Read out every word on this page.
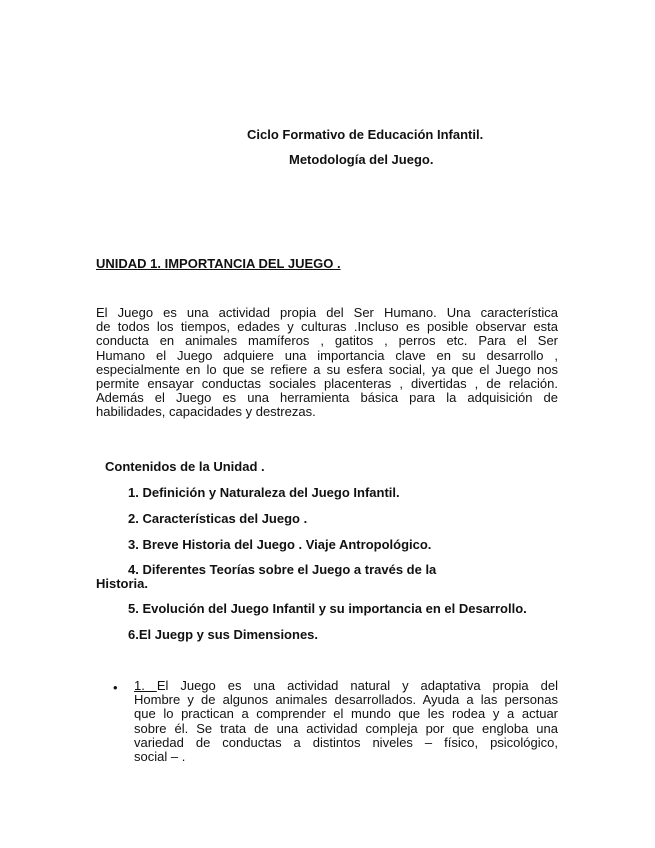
Ciclo Formativo de Educación Infantil.
Metodología del Juego.
UNIDAD 1. IMPORTANCIA DEL JUEGO .
El Juego es una actividad propia del Ser Humano. Una característica
de todos los tiempos, edades y culturas .Incluso es posible observar esta
conducta en animales mamíferos , gatitos , perros etc. Para el Ser
Humano el Juego adquiere una importancia clave en su desarrollo ,
especialmente en lo que se refiere a su esfera social, ya que el Juego nos
permite ensayar conductas sociales placenteras , divertidas , de relación.
Además el Juego es una herramienta básica para la adquisición de
habilidades, capacidades y destrezas.
Contenidos de la Unidad .
1. Definición y Naturaleza del Juego Infantil.
2. Características del Juego .
3. Breve Historia del Juego . Viaje Antropológico.
4. Diferentes Teorías sobre el Juego a través de la
Historia.
5. Evolución del Juego Infantil y su importancia en el Desarrollo.
6.El Juegp y sus Dimensiones.
• 1. El Juego es una actividad natural y adaptativa propia del
Hombre y de algunos animales desarrollados. Ayuda a las personas
que lo practican a comprender el mundo que les rodea y a actuar
sobre él. Se trata de una actividad compleja por que engloba una
variedad de conductas a distintos niveles – físico, psicológico,
social – .
